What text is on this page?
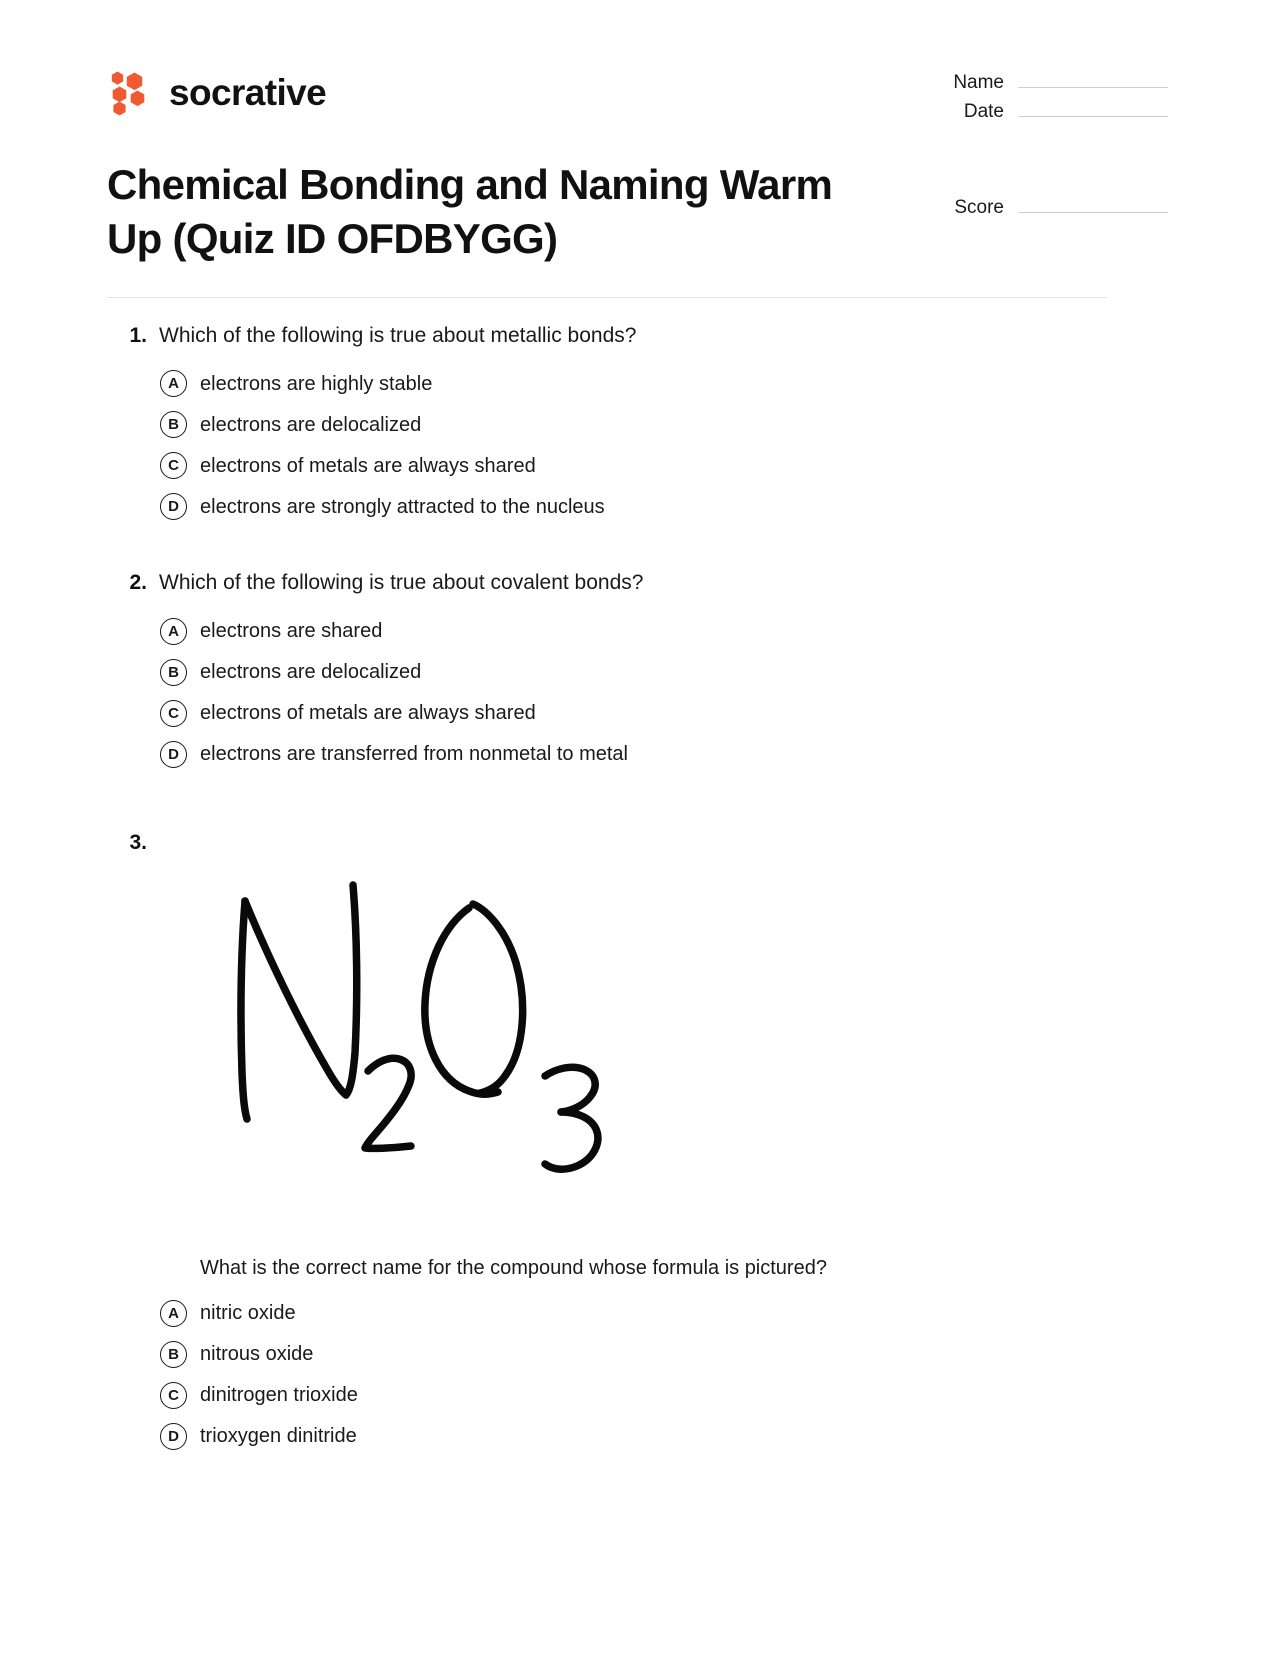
socrative
Chemical Bonding and Naming Warm Up (Quiz ID OFDBYGG)
Name
Date
Score
1. Which of the following is true about metallic bonds?
A	electrons are highly stable
B	electrons are delocalized
C	electrons of metals are always shared
D	electrons are strongly attracted to the nucleus
2. Which of the following is true about covalent bonds?
A	electrons are shared
B	electrons are delocalized
C	electrons of metals are always shared
D	electrons are transferred from nonmetal to metal
3.
What is the correct name for the compound whose formula is pictured?
A	nitric oxide
B	nitrous oxide
C	dinitrogen trioxide
D	trioxygen dinitride
